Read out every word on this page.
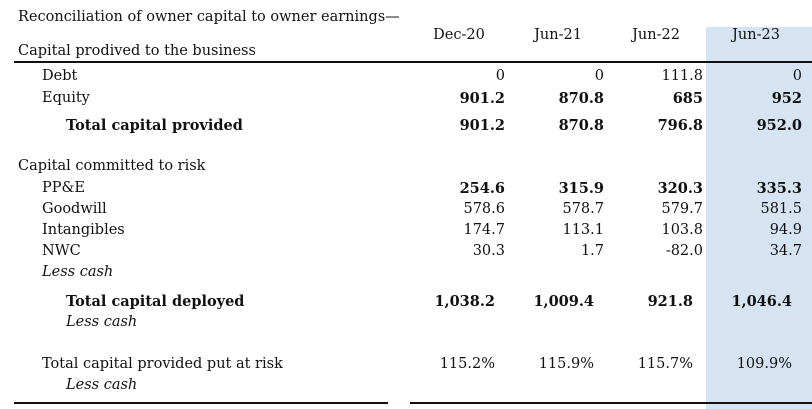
Reconciliation of owner capital to owner earnings—
Capital prodived to the business
Dec-20	Jun-21	Jun-22	Jun-23
Debt	0	0	111.8	0
Equity	901.2	870.8	685	952
Total capital provided	901.2	870.8	796.8	952.0
Capital committed to risk
PP&E	254.6	315.9	320.3	335.3
Goodwill	578.6	578.7	579.7	581.5
Intangibles	174.7	113.1	103.8	94.9
NWC	30.3	1.7	-82.0	34.7
Less cash
Total capital deployed	1,038.2	1,009.4	921.8	1,046.4
Less cash
Total capital provided put at risk	115.2%	115.9%	115.7%	109.9%
Less cash
